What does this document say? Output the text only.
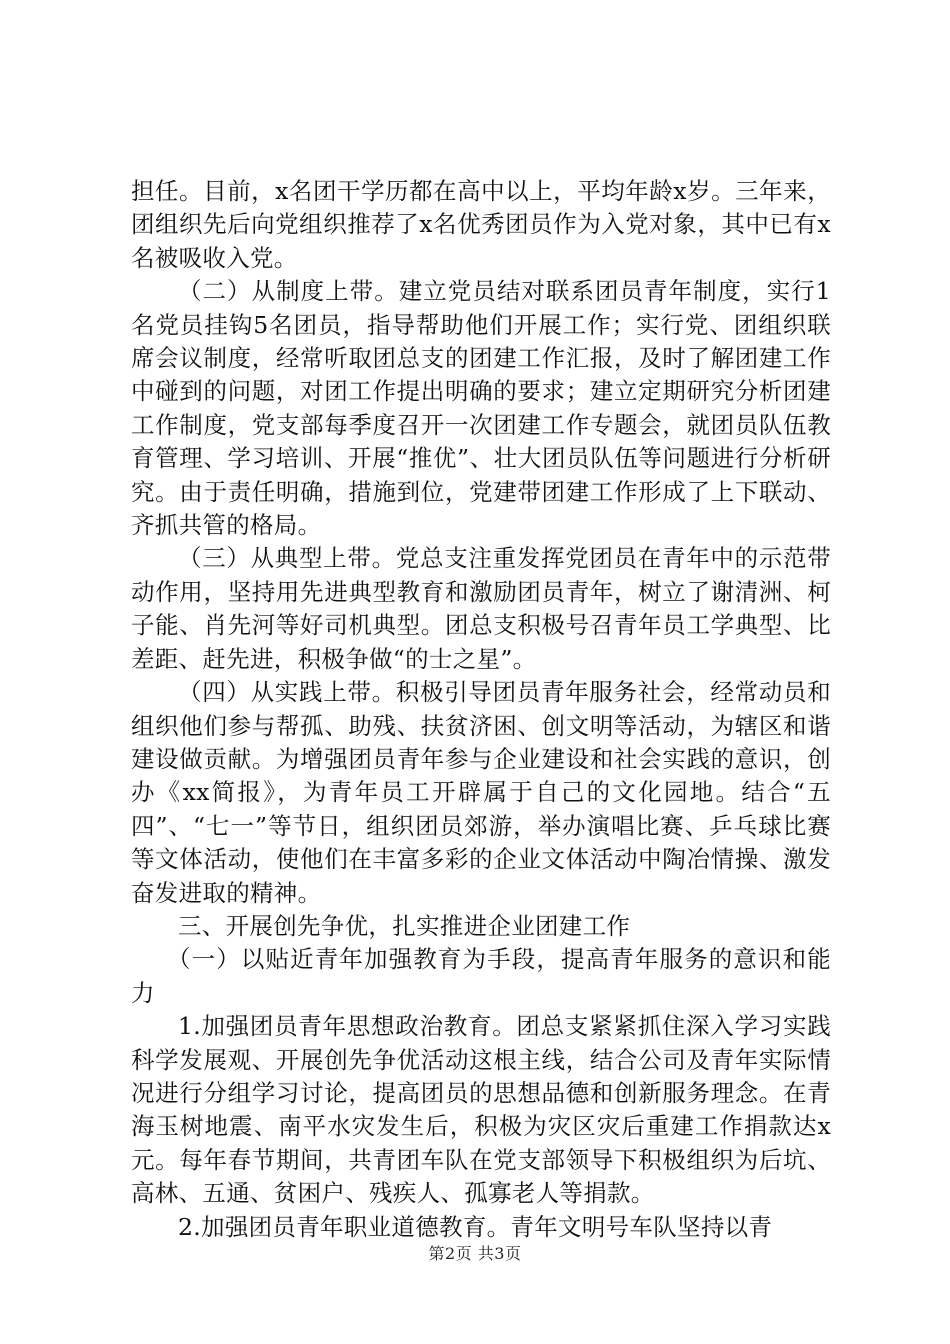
担任。目前，x名团干学历都在高中以上，平均年龄x岁。三年来，团组织先后向党组织推荐了x名优秀团员作为入党对象，其中已有x名被吸收入党。

（二）从制度上带。建立党员结对联系团员青年制度，实行1名党员挂钩5名团员，指导帮助他们开展工作；实行党、团组织联席会议制度，经常听取团总支的团建工作汇报，及时了解团建工作中碰到的问题，对团工作提出明确的要求；建立定期研究分析团建工作制度，党支部每季度召开一次团建工作专题会，就团员队伍教育管理、学习培训、开展“推优”、壮大团员队伍等问题进行分析研究。由于责任明确，措施到位，党建带团建工作形成了上下联动、齐抓共管的格局。

（三）从典型上带。党总支注重发挥党团员在青年中的示范带动作用，坚持用先进典型教育和激励团员青年，树立了谢清洲、柯子能、肖先河等好司机典型。团总支积极号召青年员工学典型、比差距、赶先进，积极争做“的士之星”。

（四）从实践上带。积极引导团员青年服务社会，经常动员和组织他们参与帮孤、助残、扶贫济困、创文明等活动，为辖区和谐建设做贡献。为增强团员青年参与企业建设和社会实践的意识，创办《xx简报》，为青年员工开辟属于自己的文化园地。结合“五四”、“七一”等节日，组织团员郊游，举办演唱比赛、乒乓球比赛等文体活动，使他们在丰富多彩的企业文体活动中陶冶情操、激发奋发进取的精神。

三、开展创先争优，扎实推进企业团建工作

（一）以贴近青年加强教育为手段，提高青年服务的意识和能力

1.加强团员青年思想政治教育。团总支紧紧抓住深入学习实践科学发展观、开展创先争优活动这根主线，结合公司及青年实际情况进行分组学习讨论，提高团员的思想品德和创新服务理念。在青海玉树地震、南平水灾发生后，积极为灾区灾后重建工作捐款达x元。每年春节期间，共青团车队在党支部领导下积极组织为后坑、高林、五通、贫困户、残疾人、孤寡老人等捐款。

2.加强团员青年职业道德教育。青年文明号车队坚持以青

第2页 共3页
